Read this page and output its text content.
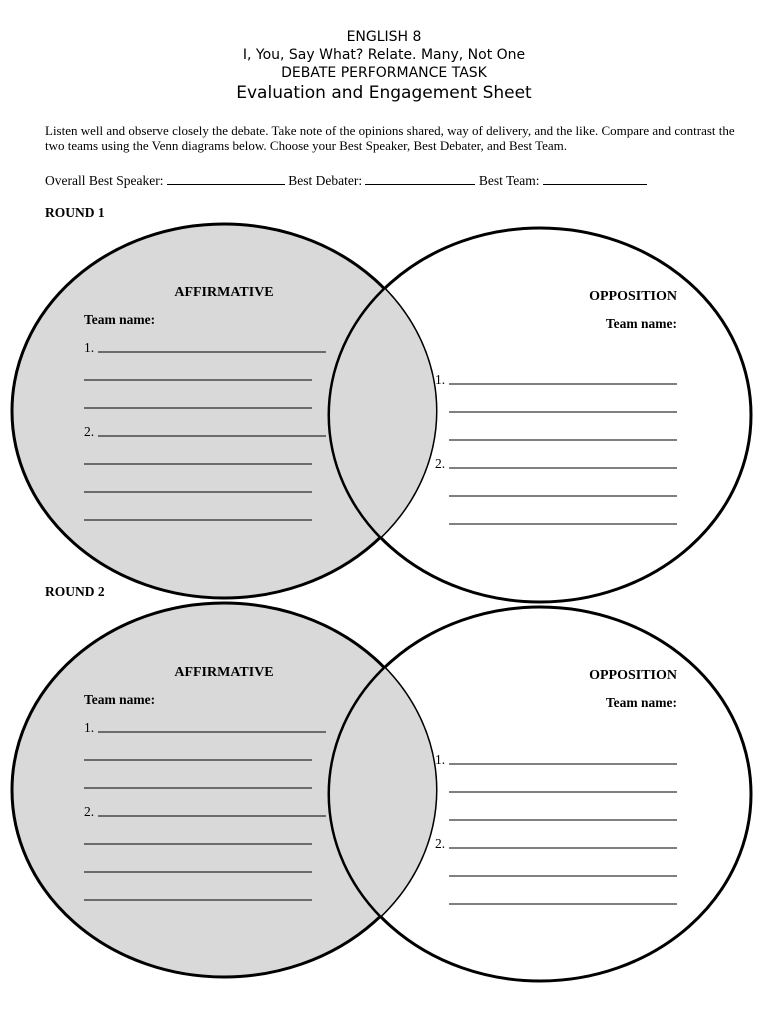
ENGLISH 8
I, You, Say What? Relate. Many, Not One
DEBATE PERFORMANCE TASK
Evaluation and Engagement Sheet
Listen well and observe closely the debate. Take note of the opinions shared, way of delivery, and the like. Compare and contrast the two teams using the Venn diagrams below. Choose your Best Speaker, Best Debater, and Best Team.
Overall Best Speaker:	Best Debater:	Best Team:
ROUND 1
AFFIRMATIVE
Team name:
1.
2.
OPPOSITION
Team name:
1.
2.
ROUND 2
AFFIRMATIVE
Team name:
1.
2.
OPPOSITION
Team name:
1.
2.
